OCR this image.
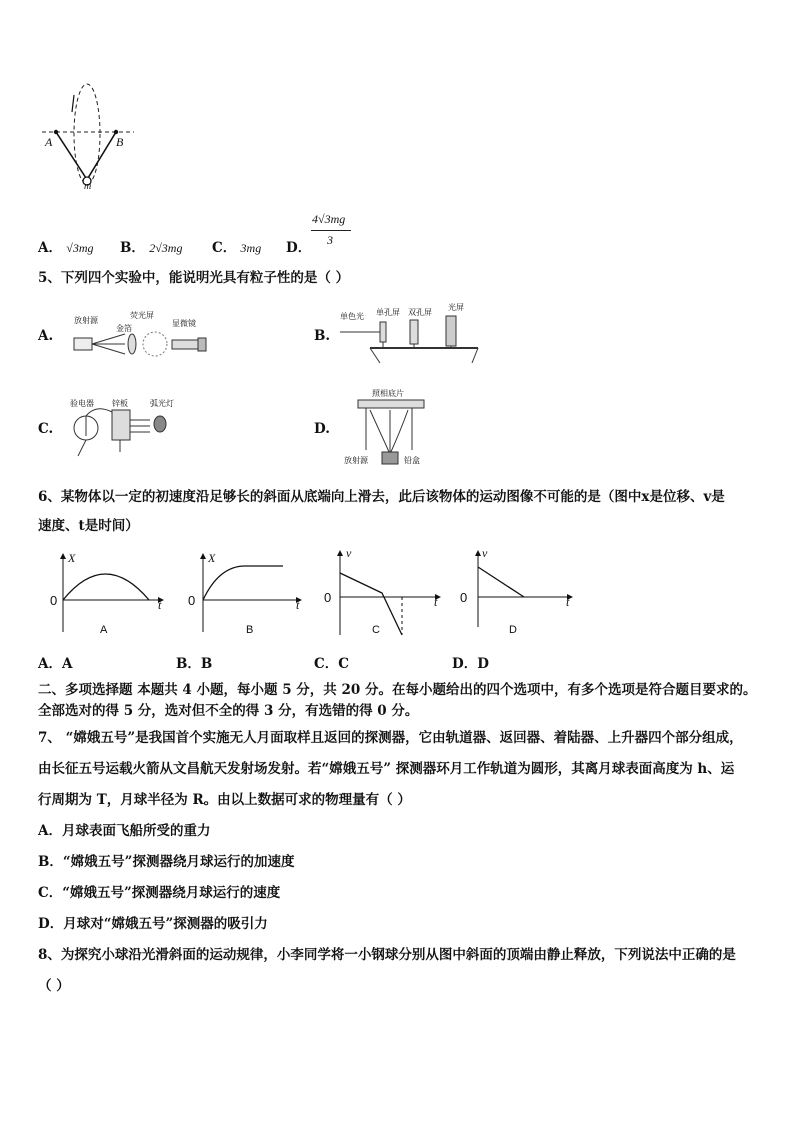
A	B
m
A． √3mg B． 2√3mg C． 3mg D．
4√3mg
3
5、下列四个实验中，能说明光具有粒子性的是（ ）
A.	B.
C.	D.
放射源
荧光屏
金箔
显微镜
单色光 单孔屏 双孔屏
光屏
验电器 锌板	弧光灯
照相底片
放射源	铅盒
6、某物体以一定的初速度沿足够长的斜面从底端向上滑去，此后该物体的运动图像不可能的是（图中x是位移、v是
速度、t是时间）
X
0	t
A
X
0	t
B
v
0	t
C
v
0	t
D
A．A	B．B	C．C	D．D
二、多项选择题 本题共 4 小题，每小题 5 分，共 20 分。在每小题给出的四个选项中，有多个选项是符合题目要求的。
全部选对的得 5 分，选对但不全的得 3 分，有选错的得 0 分。
7、 “嫦娥五号”是我国首个实施无人月面取样且返回的探测器，它由轨道器、返回器、着陆器、上升器四个部分组成，
由长征五号运载火箭从文昌航天发射场发射。若“嫦娥五号” 探测器环月工作轨道为圆形，其离月球表面高度为 h、运
行周期为 T，月球半径为 R。由以上数据可求的物理量有（ ）
A．月球表面飞船所受的重力
B．“嫦娥五号”探测器绕月球运行的加速度
C．“嫦娥五号”探测器绕月球运行的速度
D．月球对“嫦娥五号”探测器的吸引力
8、为探究小球沿光滑斜面的运动规律，小李同学将一小钢球分别从图中斜面的顶端由静止释放，下列说法中正确的是
（ ）
